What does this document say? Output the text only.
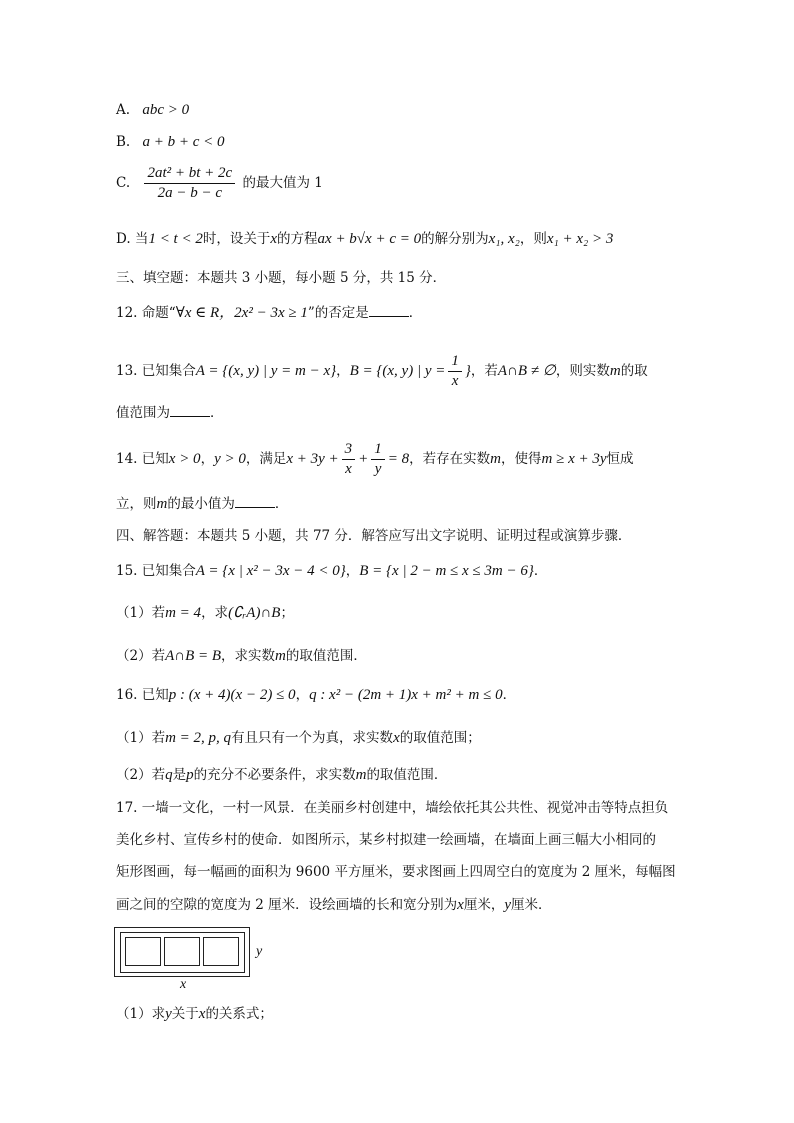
A. abc > 0
B. a + b + c < 0
C. $\frac{\text{2at² + bt + 2c}}{2a - b - c}$ 的最大值为 1
D. 当1 < t < 2时，设关于x的方程ax + b√x + c = 0的解分别为x₁, x₂，则x₁ + x₂ > 3
三、填空题：本题共 3 小题，每小题 5 分，共 15 分．
12. 命题“∀x ∈ R，2x² − 3x ≥ 1”的否定是	．
13. 已知集合A = {(x, y) | y = m − x}，B = {(x, y) | $y = \frac{1}{x}$ }，若A∩B ≠ ∅，则实数m的取
值范围为	．
14. 已知x > 0，y > 0，满足$x + 3y + \frac{3}{x} + \frac{1}{y} = 8$，若存在实数m，使得m ≥ x + 3y恒成
立，则m的最小值为	．
四、解答题：本题共 5 小题，共 77 分．解答应写出文字说明、证明过程或演算步骤．
15. 已知集合A = {x | x² − 3x − 4 < 0}，B = {x | 2 − m ≤ x ≤ 3m − 6}．
（1）若m = 4，求(∁ᵣA)∩B；
（2）若A∩B = B，求实数m的取值范围．
16. 已知p : (x + 4)(x − 2) ≤ 0，q : x² − (2m + 1)x + m² + m ≤ 0．
（1）若m = 2, p, q有且只有一个为真，求实数x的取值范围；
（2）若q是p的充分不必要条件，求实数m的取值范围．
17. 一墙一文化，一村一风景．在美丽乡村创建中，墙绘依托其公共性、视觉冲击等特点担负
美化乡村、宣传乡村的使命．如图所示，某乡村拟建一绘画墙，在墙面上画三幅大小相同的
矩形图画，每一幅画的面积为 9600 平方厘米，要求图画上四周空白的宽度为 2 厘米，每幅图
画之间的空隙的宽度为 2 厘米．设绘画墙的长和宽分别为x厘米，y厘米．
y
x
（1）求y关于x的关系式；
